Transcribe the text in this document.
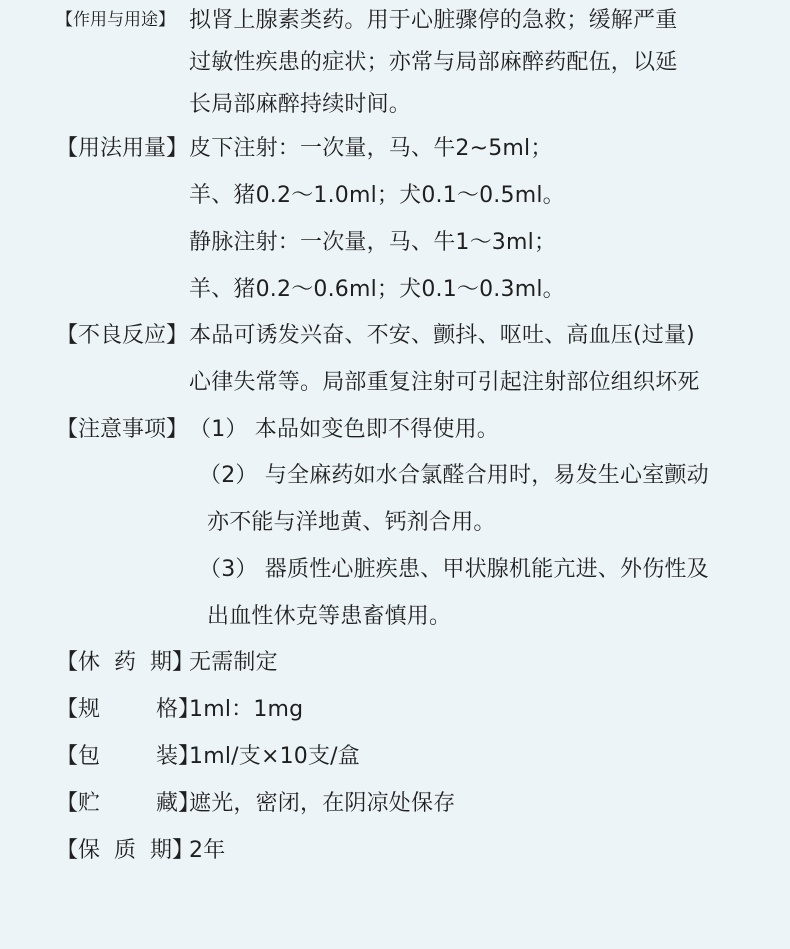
【作用与用途】 拟肾上腺素类药。用于心脏骤停的急救；缓解严重
过敏性疾患的症状；亦常与局部麻醉药配伍，以延
长局部麻醉持续时间。
【用法用量】 皮下注射：一次量，马、牛2~5ml；
羊、猪0.2～1.0ml；犬0.1～0.5ml。
静脉注射：一次量，马、牛1～3ml；
羊、猪0.2～0.6ml；犬0.1～0.3ml。
【不良反应】 本品可诱发兴奋、不安、颤抖、呕吐、高血压(过量)
心律失常等。局部重复注射可引起注射部位组织坏死
【注意事项】 （1） 本品如变色即不得使用。
（2） 与全麻药如水合氯醛合用时，易发生心室颤动
亦不能与洋地黄、钙剂合用。
（3） 器质性心脏疾患、甲状腺机能亢进、外伤性及
出血性休克等患畜慎用。
【休  药  期】
无需制定
【规        格】
1ml：1mg
【包        装】
1ml/支×10支/盒
【贮        藏】
遮光，密闭，在阴凉处保存
【保  质  期】
2年
